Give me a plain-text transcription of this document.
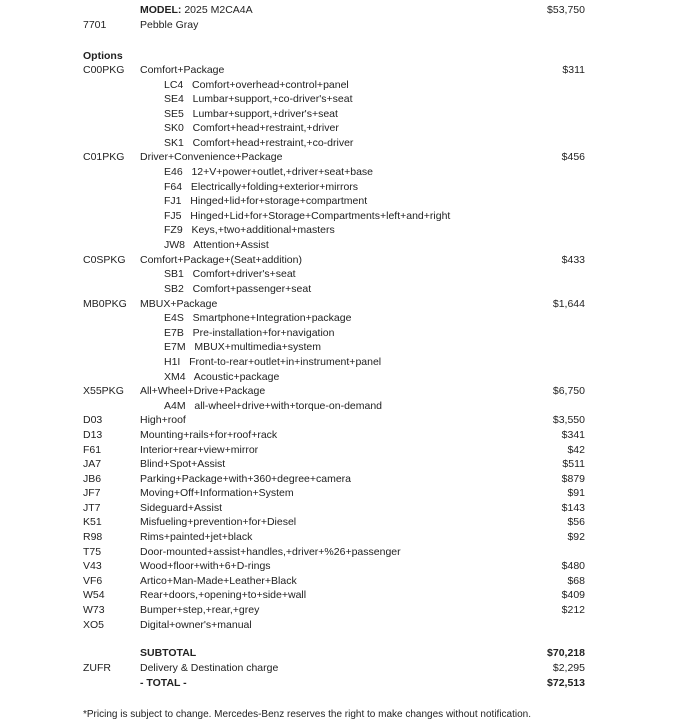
MODEL: 2025 M2CA4A	$53,750
7701	Pebble Gray
Options
C00PKG Comfort+Package	$311
LC4 Comfort+overhead+control+panel
SE4 Lumbar+support,+co-driver's+seat
SE5 Lumbar+support,+driver's+seat
SK0 Comfort+head+restraint,+driver
SK1 Comfort+head+restraint,+co-driver
C01PKG Driver+Convenience+Package	$456
E46 12+V+power+outlet,+driver+seat+base
F64 Electrically+folding+exterior+mirrors
FJ1 Hinged+lid+for+storage+compartment
FJ5 Hinged+Lid+for+Storage+Compartments+left+and+right
FZ9 Keys,+two+additional+masters
JW8 Attention+Assist
C0SPKG Comfort+Package+(Seat+addition)	$433
SB1 Comfort+driver's+seat
SB2 Comfort+passenger+seat
MB0PKG MBUX+Package	$1,644
E4S Smartphone+Integration+package
E7B Pre-installation+for+navigation
E7M MBUX+multimedia+system
H1I Front-to-rear+outlet+in+instrument+panel
XM4 Acoustic+package
X55PKG All+Wheel+Drive+Package	$6,750
A4M all-wheel+drive+with+torque-on-demand
D03	High+roof	$3,550
D13	Mounting+rails+for+roof+rack	$341
F61	Interior+rear+view+mirror	$42
JA7	Blind+Spot+Assist	$511
JB6	Parking+Package+with+360+degree+camera	$879
JF7	Moving+Off+Information+System	$91
JT7	Sideguard+Assist	$143
K51	Misfueling+prevention+for+Diesel	$56
R98	Rims+painted+jet+black	$92
T75	Door-mounted+assist+handles,+driver+%26+passenger
V43	Wood+floor+with+6+D-rings	$480
VF6	Artico+Man-Made+Leather+Black	$68
W54	Rear+doors,+opening+to+side+wall	$409
W73	Bumper+step,+rear,+grey	$212
XO5	Digital+owner's+manual
SUBTOTAL	$70,218
ZUFR	Delivery & Destination charge	$2,295
- TOTAL -	$72,513
*Pricing is subject to change. Mercedes-Benz reserves the right to make changes without notification.
